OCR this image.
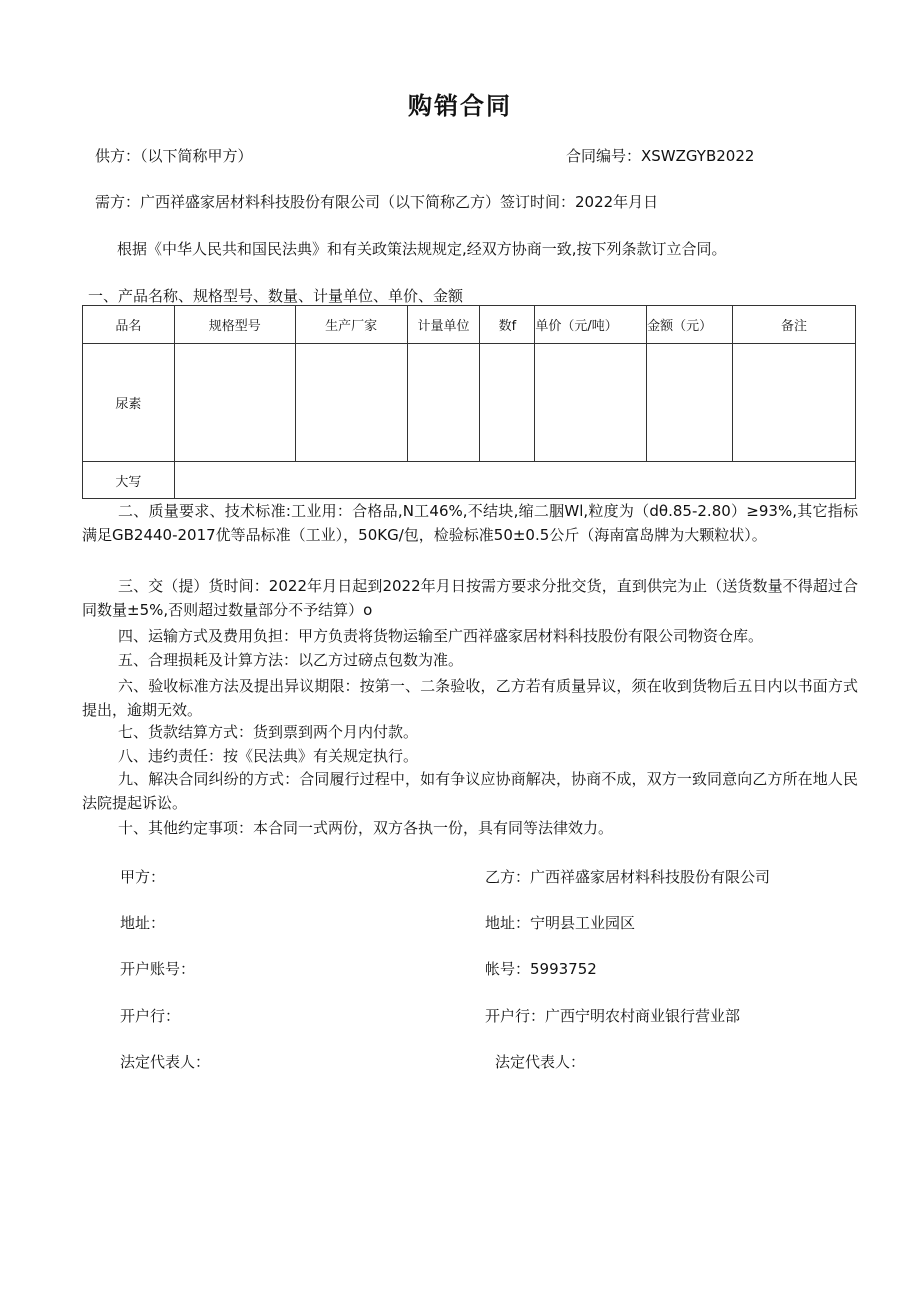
购销合同
供方：（以下简称甲方）	合同编号：XSWZGYB2022
需方：广西祥盛家居材料科技股份有限公司（以下简称乙方）签订时间：2022年月日
根据《中华人民共和国民法典》和有关政策法规规定,经双方协商一致,按下列条款订立合同。
一、产品名称、规格型号、数量、计量单位、单价、金额
品名	规格型号	生产厂家	计量单位	数f	单价（元/吨）	金额（元）	备注
尿素							
大写							
二、质量要求、技术标准:工业用：合格品,N工46%,不结块,缩二胭Wl,粒度为（dθ.85-2.80）≥93%,其它指标满足GB2440-2017优等品标准（工业），50KG/包，检验标准50±0.5公斤（海南富岛牌为大颗粒状）。
三、交（提）货时间：2022年月日起到2022年月日按需方要求分批交货，直到供完为止（送货数量不得超过合同数量±5%,否则超过数量部分不予结算）o
四、运输方式及费用负担：甲方负责将货物运输至广西祥盛家居材料科技股份有限公司物资仓库。
五、合理损耗及计算方法：以乙方过磅点包数为准。
六、验收标准方法及提出异议期限：按第一、二条验收，乙方若有质量异议，须在收到货物后五日内以书面方式提出，逾期无效。
七、货款结算方式：货到票到两个月内付款。
八、违约责任：按《民法典》有关规定执行。
九、解决合同纠纷的方式：合同履行过程中，如有争议应协商解决，协商不成，双方一致同意向乙方所在地人民法院提起诉讼。
十、其他约定事项：本合同一式两份，双方各执一份，具有同等法律效力。
甲方：	乙方：广西祥盛家居材料科技股份有限公司
地址：	地址：宁明县工业园区
开户账号：	帐号：5993752
开户行：	开户行：广西宁明农村商业银行营业部
法定代表人：	法定代表人：
